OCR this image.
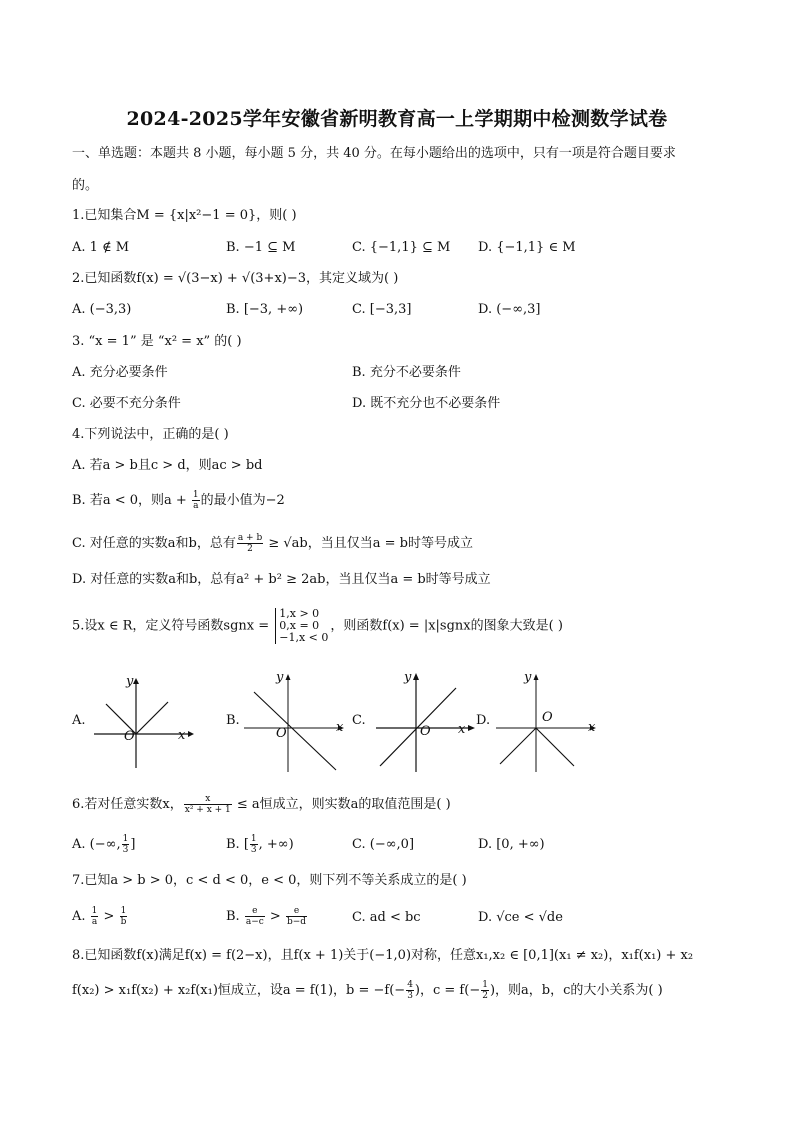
2024-2025学年安徽省新明教育高一上学期期中检测数学试卷
一、单选题：本题共 8 小题，每小题 5 分，共 40 分。在每小题给出的选项中，只有一项是符合题目要求
的。
1.已知集合M = {x|x²−1 = 0}，则( )
A. 1 ∉ M	B. −1 ⊆ M	C. {−1,1} ⊆ M D. {−1,1} ∈ M
2.已知函数f(x) = √(3−x) + √(3+x)−3，其定义域为( )
A. (−3,3)	B. [−3, +∞)	C. [−3,3]	D. (−∞,3]
3. “x = 1” 是 “x² = x” 的( )
A. 充分必要条件	B. 充分不必要条件
C. 必要不充分条件	D. 既不充分也不必要条件
4.下列说法中，正确的是( )
A. 若a > b且c > d，则ac > bd
B. 若a < 0，则$a + \frac{1}{a}$ 的最小值为−2
C. 对任意的实数a和b，总有 $\frac{a + b}{2} \ge √ab$，当且仅当a = b时等号成立
D. 对任意的实数a和b，总有a² + b² ≥ 2ab，当且仅当a = b时等号成立
5.设x ∈ R，定义符号函数sgnx =
1,x > 0
0,x = 0
−1,x < 0
，则函数f(x) = |x|sgnx的图象大致是( )
A.	B.	C.	D.
y
x
O
y
x
O
y
x
O
y
x
O
6.若对任意实数x， $\frac{x}{\text{x² + x + 1}} \le a$恒成立，则实数a的取值范围是( )
A. (−∞, $\frac{1}{3}$ ]	B. [ $\frac{1}{3}$ , +∞)	C. (−∞,0]	D. [0, +∞)
7.已知a > b > 0，c < d < 0，e < 0，则下列不等关系成立的是( )
A. $\frac{1}{a} > \frac{1}{b}$	B. $\frac{e}{a-c} > \frac{e}{b-d}$	C. ad < bc	D. √ce < √de
8.已知函数f(x)满足f(x) = f(2−x)，且f(x + 1)关于(−1,0)对称，任意x₁,x₂ ∈ [0,1](x₁ ≠ x₂)，x₁f(x₁) + x₂
f(x₂) > x₁f(x₂) + x₂f(x₁)恒成立，设a = f(1)，$b = -f(- \frac{4}{3}$ )，$c = f(- \frac{1}{2}$ )，则a，b，c的大小关系为( )
